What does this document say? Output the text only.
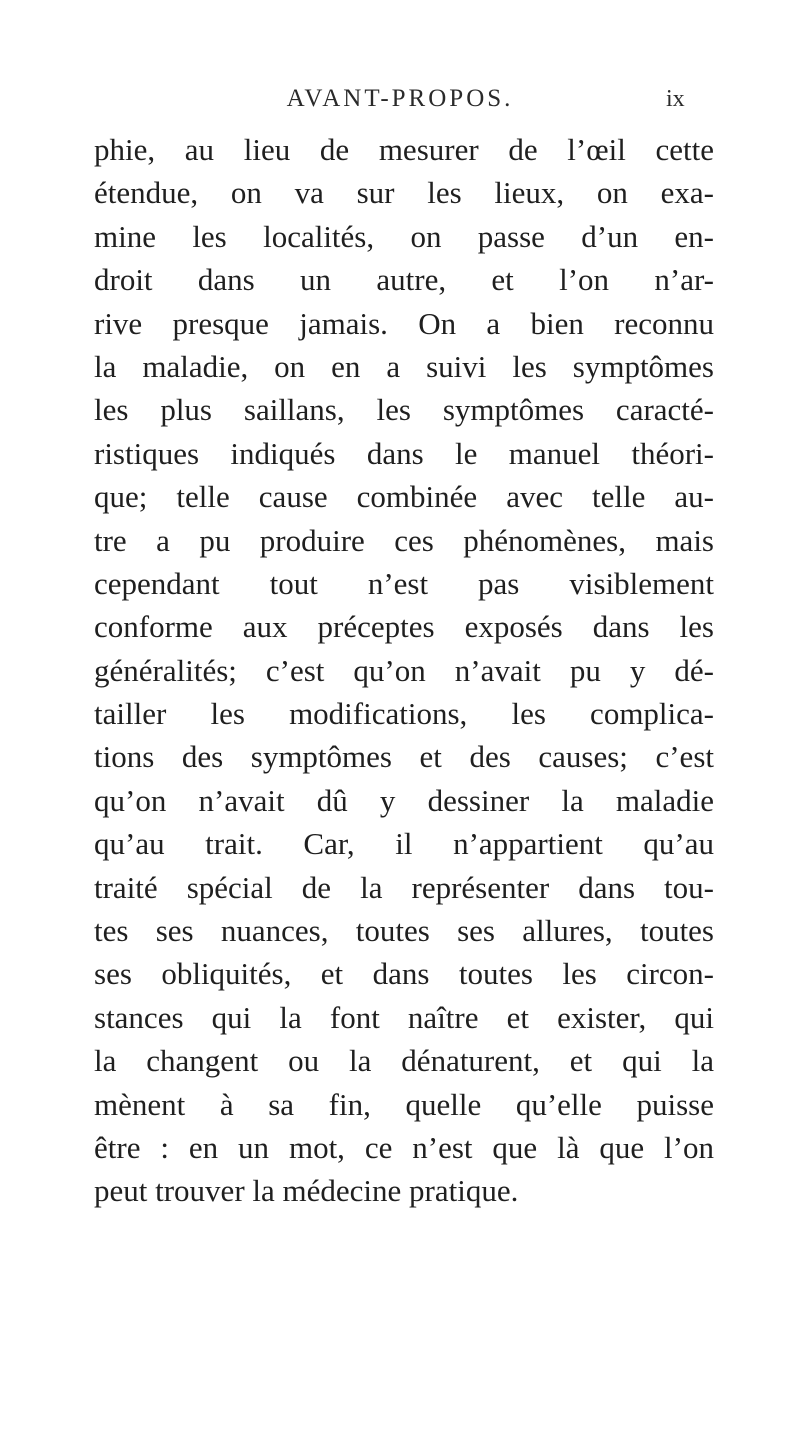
AVANT-PROPOS.	ix
phie, au lieu de mesurer de l’œil cette
étendue, on va sur les lieux, on exa-
mine les localités, on passe d’un en-
droit dans un autre, et l’on n’ar-
rive presque jamais. On a bien reconnu
la maladie, on en a suivi les symptômes
les plus saillans, les symptômes caracté-
ristiques indiqués dans le manuel théori-
que; telle cause combinée avec telle au-
tre a pu produire ces phénomènes, mais
cependant tout n’est pas visiblement
conforme aux préceptes exposés dans les
généralités; c’est qu’on n’avait pu y dé-
tailler les modifications, les complica-
tions des symptômes et des causes; c’est
qu’on n’avait dû y dessiner la maladie
qu’au trait. Car, il n’appartient qu’au
traité spécial de la représenter dans tou-
tes ses nuances, toutes ses allures, toutes
ses obliquités, et dans toutes les circon-
stances qui la font naître et exister, qui
la changent ou la dénaturent, et qui la
mènent à sa fin, quelle qu’elle puisse
être : en un mot, ce n’est que là que l’on
peut trouver la médecine pratique.
